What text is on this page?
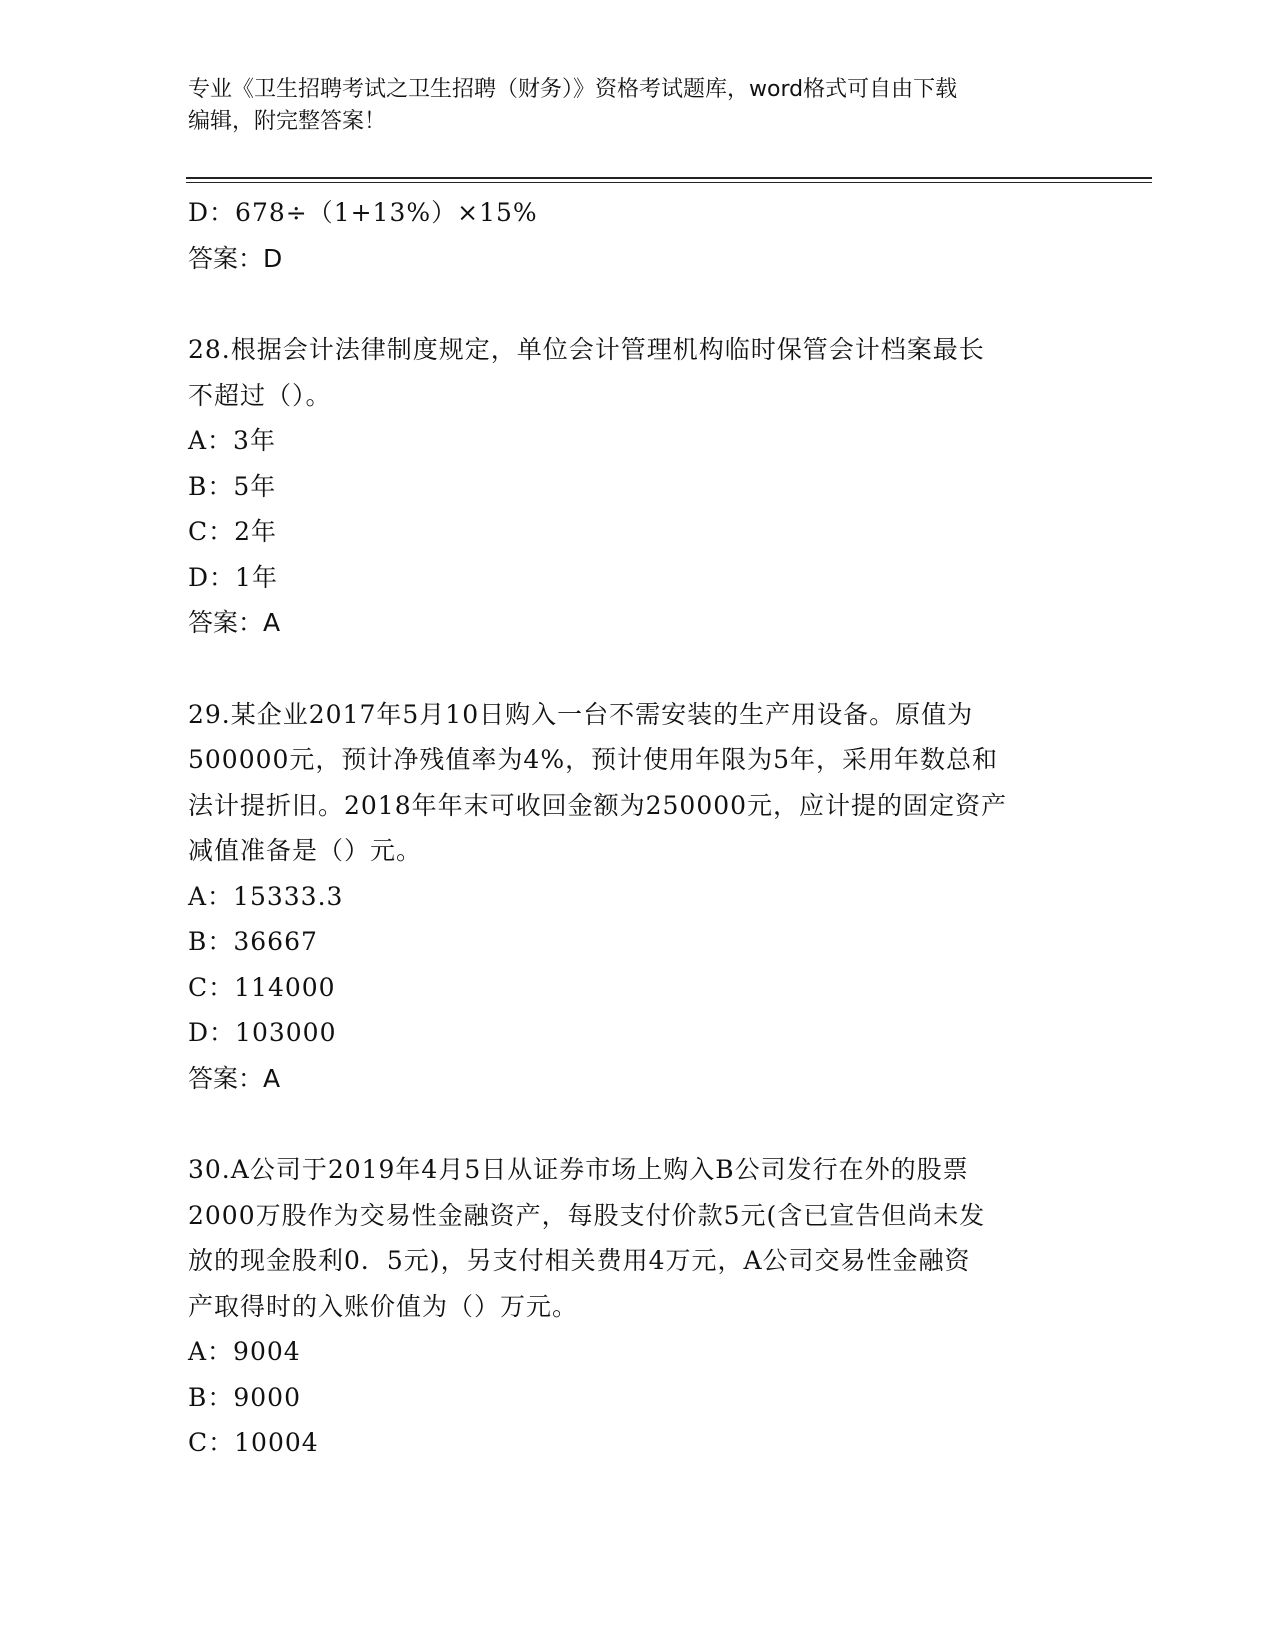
专业《卫生招聘考试之卫生招聘（财务）》资格考试题库，word格式可自由下载
编辑，附完整答案！
D：678÷（1+13%）×15%
答案：D
28.根据会计法律制度规定，单位会计管理机构临时保管会计档案最长
不超过（）。
A：3年
B：5年
C：2年
D：1年
答案：A
29.某企业2017年5月10日购入一台不需安装的生产用设备。原值为
500000元，预计净残值率为4%，预计使用年限为5年，采用年数总和
法计提折旧。2018年年末可收回金额为250000元，应计提的固定资产
减值准备是（）元。
A：15333.3
B：36667
C：114000
D：103000
答案：A
30.A公司于2019年4月5日从证券市场上购入B公司发行在外的股票
2000万股作为交易性金融资产，每股支付价款5元(含已宣告但尚未发
放的现金股利0．5元)，另支付相关费用4万元，A公司交易性金融资
产取得时的入账价值为（）万元。
A：9004
B：9000
C：10004
